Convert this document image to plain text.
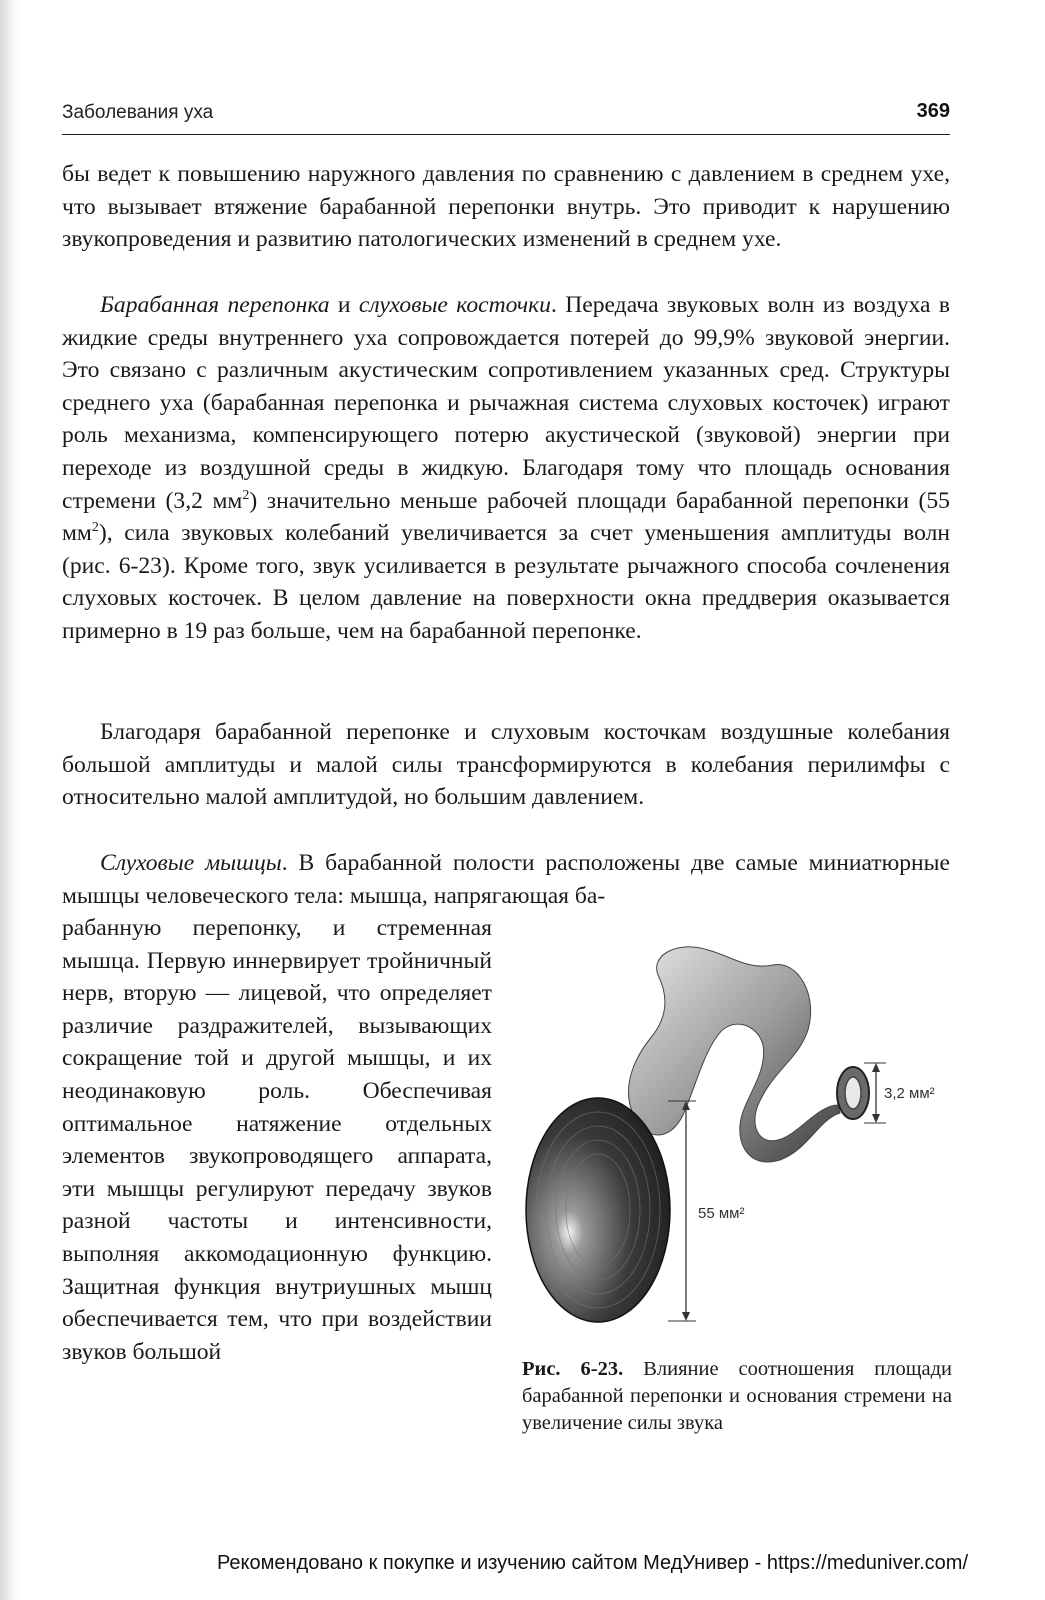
Заболевания уха	369
бы ведет к повышению наружного давления по сравнению с давлением в среднем ухе, что вызывает втяжение барабанной перепонки внутрь. Это приводит к нарушению звукопроведения и развитию патологических изменений в среднем ухе.
Барабанная перепонка и слуховые косточки. Передача звуковых волн из воздуха в жидкие среды внутреннего уха сопровождается потерей до 99,9% звуковой энергии. Это связано с различным акустическим сопротивлением указанных сред. Структуры среднего уха (барабанная перепонка и рычажная система слуховых косточек) играют роль механизма, компенсирующего потерю акустической (звуковой) энергии при переходе из воздушной среды в жидкую. Благодаря тому что площадь основания стремени (3,2 $мм^2$) значительно меньше рабочей площади барабанной перепонки (55 $мм^2$), сила звуковых колебаний увеличивается за счет уменьшения амплитуды волн (рис. 6-23). Кроме того, звук усиливается в результате рычажного способа сочленения слуховых косточек. В целом давление на поверхности окна преддверия оказывается примерно в 19 раз больше, чем на барабанной перепонке.
Благодаря барабанной перепонке и слуховым косточкам воздушные колебания большой амплитуды и малой силы трансформируются в колебания перилимфы с относительно малой амплитудой, но большим давлением.
Слуховые мышцы. В барабанной полости расположены две самые миниатюрные мышцы человеческого тела: мышца, напрягающая ба-
рабанную перепонку, и стременная мышца. Первую иннервирует тройничный нерв, вторую — лицевой, что определяет различие раздражителей, вызывающих сокращение той и другой мышцы, и их неодинаковую роль. Обеспечивая оптимальное натяжение отдельных элементов звукопроводящего аппарата, эти мышцы регулируют передачу звуков разной частоты и интенсивности, выполняя аккомодационную функцию. Защитная функция внутриушных мышц обеспечивается тем, что при воздействии звуков большой
3,2 мм²
55 мм²
Рис. 6-23. Влияние соотношения площади барабанной перепонки и основания стремени на увеличение силы звука
Рекомендовано к покупке и изучению сайтом МедУнивер - https://meduniver.com/
